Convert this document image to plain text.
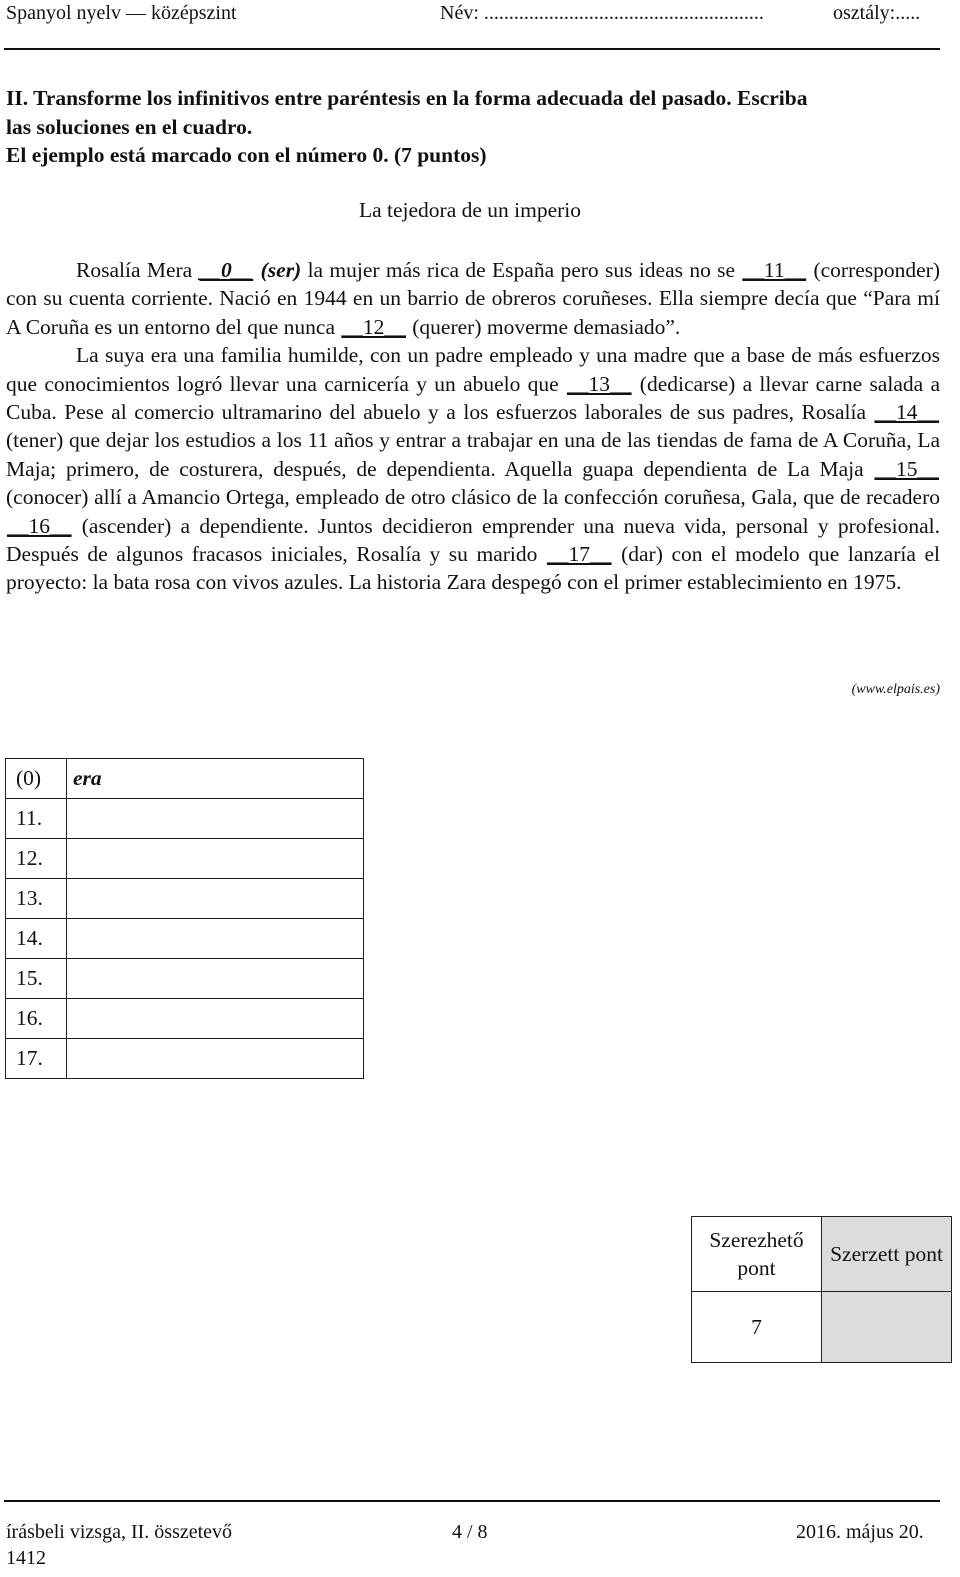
Spanyol nyelv — középszint	Név: ........................................................	osztály:.....
II. Transforme los infinitivos entre paréntesis en la forma adecuada del pasado. Escriba
las soluciones en el cuadro.
El ejemplo está marcado con el número 0. (7 puntos)
La tejedora de un imperio

Rosalía Mera __0__ (ser) la mujer más rica de España pero sus ideas no se __11__ (corresponder) con su cuenta corriente. Nació en 1944 en un barrio de obreros coruñeses. Ella siempre decía que “Para mí A Coruña es un entorno del que nunca __12__ (querer) moverme demasiado”.

La suya era una familia humilde, con un padre empleado y una madre que a base de más esfuerzos que conocimientos logró llevar una carnicería y un abuelo que __13__ (dedicarse) a llevar carne salada a Cuba. Pese al comercio ultramarino del abuelo y a los esfuerzos laborales de sus padres, Rosalía __14__ (tener) que dejar los estudios a los 11 años y entrar a trabajar en una de las tiendas de fama de A Coruña, La Maja; primero, de costurera, después, de dependienta. Aquella guapa dependienta de La Maja __15__ (conocer) allí a Amancio Ortega, empleado de otro clásico de la confección coruñesa, Gala, que de recadero __16__ (ascender) a dependiente. Juntos decidieron emprender una nueva vida, personal y profesional. Después de algunos fracasos iniciales, Rosalía y su marido __17__ (dar) con el modelo que lanzaría el proyecto: la bata rosa con vivos azules. La historia Zara despegó con el primer establecimiento en 1975.

(www.elpais.es)
(0)	era
11.	
12.	
13.	
14.	
15.	
16.	
17.	
Szerezhető pont	Szerzett pont
7	
írásbeli vizsga, II. összetevő	4 / 8	2016. május 20.
1412
